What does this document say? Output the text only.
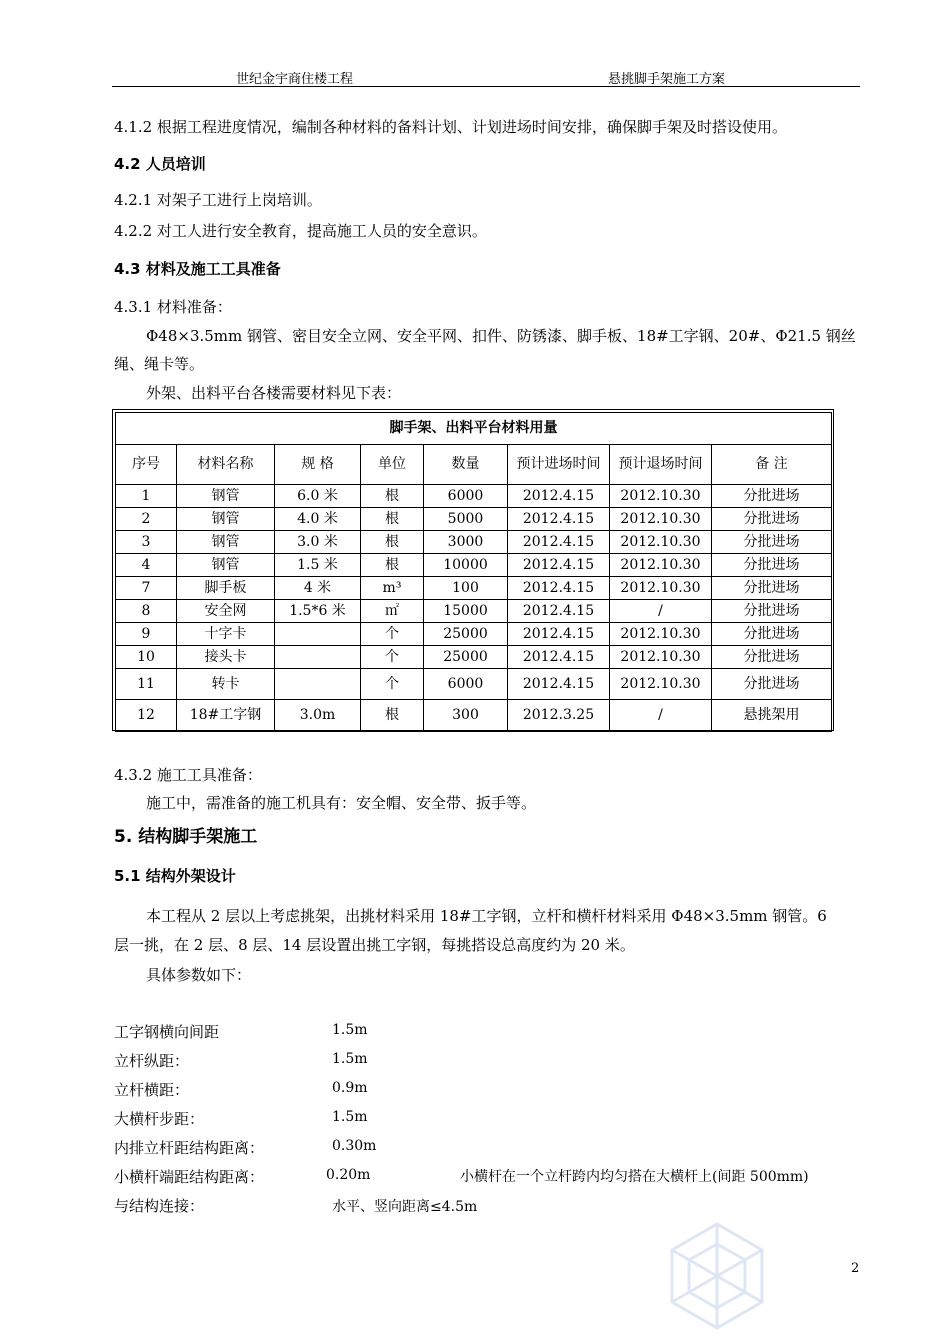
世纪金宇商住楼工程	悬挑脚手架施工方案
4.1.2 根据工程进度情况，编制各种材料的备料计划、计划进场时间安排，确保脚手架及时搭设使用。
4.2 人员培训
4.2.1 对架子工进行上岗培训。
4.2.2 对工人进行安全教育，提高施工人员的安全意识。
4.3 材料及施工工具准备
4.3.1 材料准备：
Φ48×3.5mm 钢管、密目安全立网、安全平网、扣件、防锈漆、脚手板、18#工字钢、20#、Φ21.5 钢丝
绳、绳卡等。
外架、出料平台各楼需要材料见下表：
脚手架、出料平台材料用量							
序号	材料名称	规 格	单位	数量	预计进场时间	预计退场时间	备 注
1	钢管	6.0 米	根	6000	2012.4.15	2012.10.30	分批进场
2	钢管	4.0 米	根	5000	2012.4.15	2012.10.30	分批进场
3	钢管	3.0 米	根	3000	2012.4.15	2012.10.30	分批进场
4	钢管	1.5 米	根	10000	2012.4.15	2012.10.30	分批进场
7	脚手板	4 米	m³	100	2012.4.15	2012.10.30	分批进场
8	安全网	1.5*6 米	㎡	15000	2012.4.15	/	分批进场
9	十字卡		个	25000	2012.4.15	2012.10.30	分批进场
10	接头卡		个	25000	2012.4.15	2012.10.30	分批进场
11	转卡		个	6000	2012.4.15	2012.10.30	分批进场
12	18#工字钢	3.0m	根	300	2012.3.25	/	悬挑架用
4.3.2 施工工具准备：
施工中，需准备的施工机具有：安全帽、安全带、扳手等。
5. 结构脚手架施工
5.1 结构外架设计
本工程从 2 层以上考虑挑架，出挑材料采用 18#工字钢，立杆和横杆材料采用 Φ48×3.5mm 钢管。6
层一挑，在 2 层、8 层、14 层设置出挑工字钢，每挑搭设总高度约为 20 米。
具体参数如下：
工字钢横向间距	1.5m
立杆纵距：	1.5m
立杆横距：	0.9m
大横杆步距：	1.5m
内排立杆距结构距离：	0.30m
小横杆端距结构距离：	0.20m	小横杆在一个立杆跨内均匀搭在大横杆上(间距 500mm)
与结构连接：	水平、竖向距离≤4.5m
2
